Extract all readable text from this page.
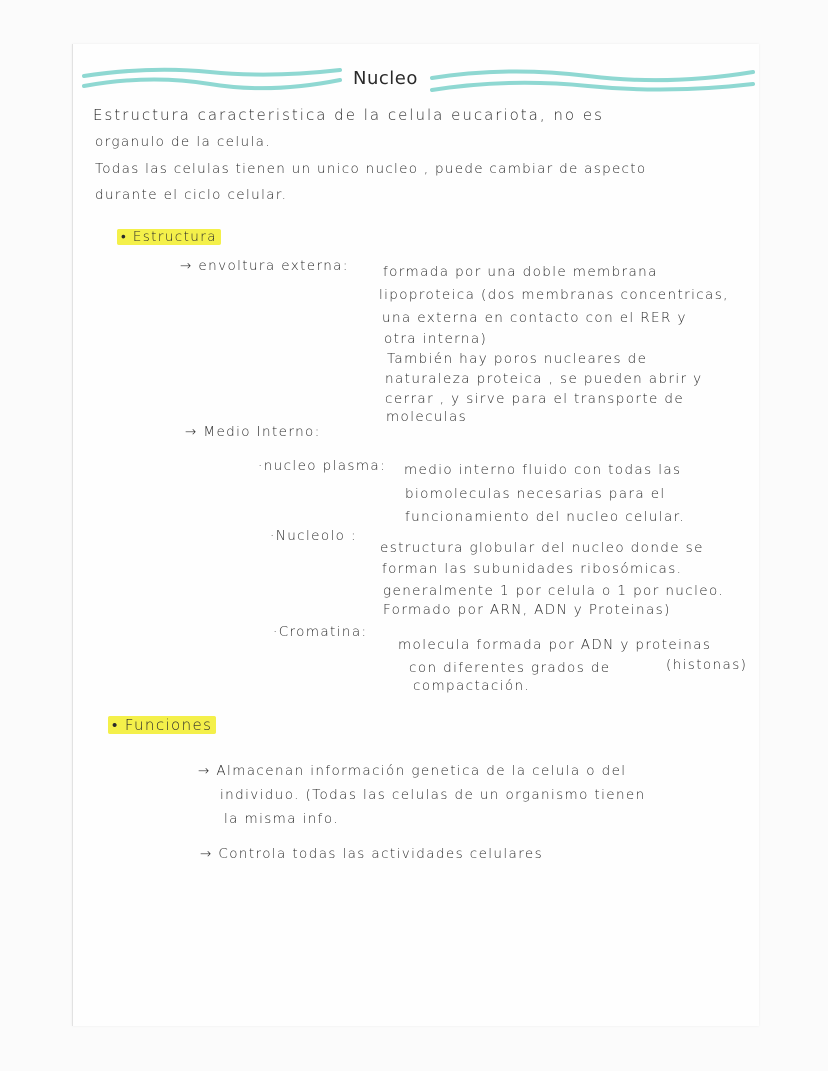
Nucleo
Estructura caracteristica de la celula eucariota, no es
organulo de la celula.
Todas las celulas tienen un unico nucleo , puede cambiar de aspecto
durante el ciclo celular.
• Estructura
→ envoltura externa:	formada por una doble membrana
lipoproteica (dos membranas concentricas,
una externa en contacto con el RER y
otra interna)
También hay poros nucleares de
naturaleza proteica , se pueden abrir y
cerrar , y sirve para el transporte de
moleculas
→ Medio Interno:
·nucleo plasma: medio interno fluido con todas las
biomoleculas necesarias para el
funcionamiento del nucleo celular.
·Nucleolo :
estructura globular del nucleo donde se
forman las subunidades ribosómicas.
generalmente 1 por celula o 1 por nucleo.
Formado por ARN, ADN y Proteinas)
·Cromatina:
molecula formada por ADN y proteinas
con diferentes grados de	(histonas)
compactación.
• Funciones
→ Almacenan información genetica de la celula o del
individuo. (Todas las celulas de un organismo tienen
la misma info.
→ Controla todas las actividades celulares
